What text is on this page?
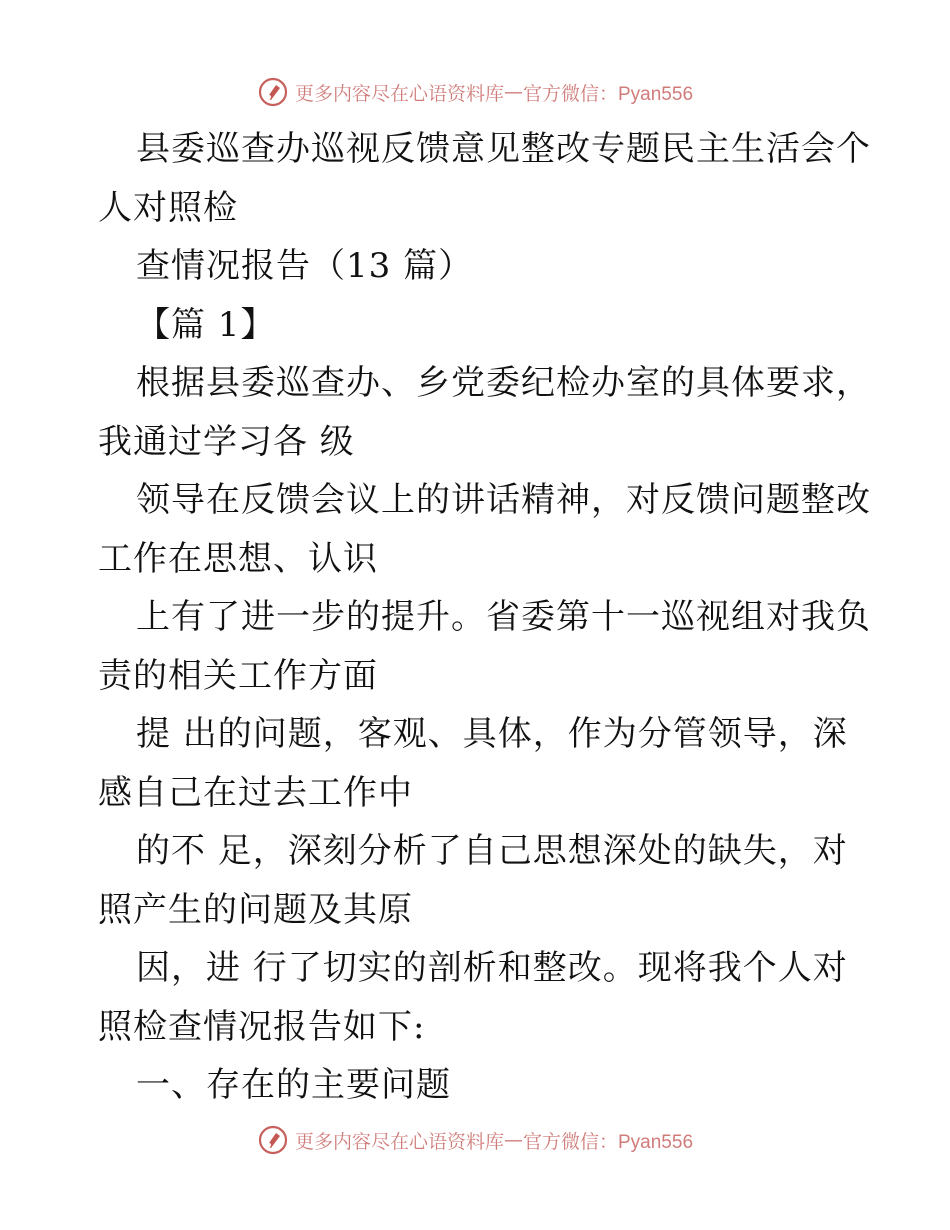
更多内容尽在心语资料库 — 官方微信：Pyan556
县委巡查办巡视反馈意见整改专题民主生活会个
人对照检
查情况报告（13 篇）
【篇 1】
根据县委巡查办、乡党委纪检办室的具体要求，
我通过学习各 级
领导在反馈会议上的讲话精神，对反馈问题整改
工作在思想、认识
上有了进一步的提升。省委第十一巡视组对我负
责的相关工作方面
提 出的问题，客观、具体，作为分管领导，深
感自己在过去工作中
的不 足，深刻分析了自己思想深处的缺失，对
照产生的问题及其原
因，进 行了切实的剖析和整改。现将我个人对
照检查情况报告如下:
一、存在的主要问题
更多内容尽在心语资料库 — 官方微信：Pyan556
